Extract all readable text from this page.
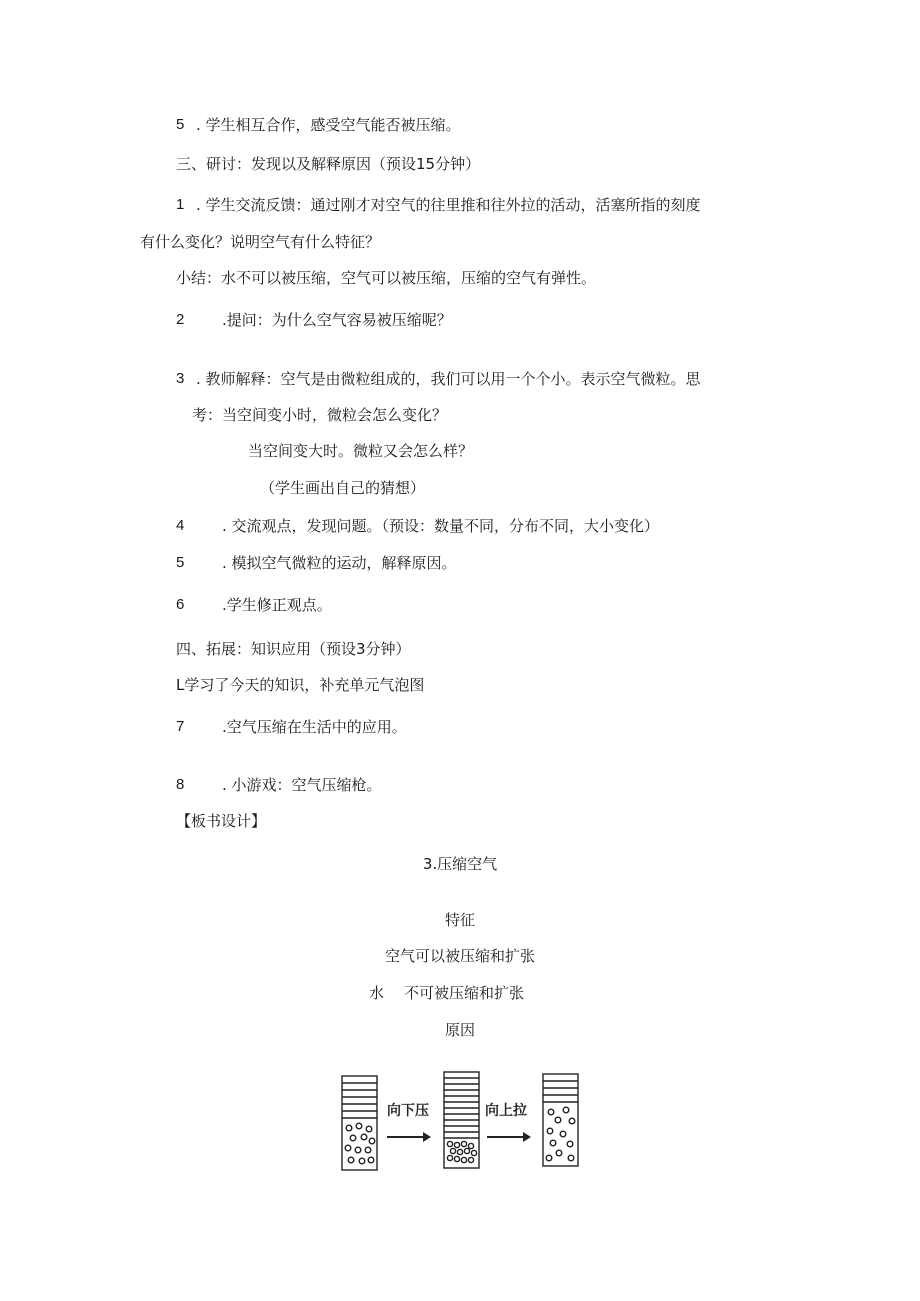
5 . 学生相互合作，感受空气能否被压缩。
三、研讨：发现以及解释原因（预设15分钟）
1 . 学生交流反馈：通过刚才对空气的往里推和往外拉的活动，活塞所指的刻度
有什么变化？说明空气有什么特征？
小结：水不可以被压缩，空气可以被压缩，压缩的空气有弹性。
2	.提问：为什么空气容易被压缩呢？
3 . 教师解释：空气是由微粒组成的，我们可以用一个个小。表示空气微粒。思
考：当空间变小时，微粒会怎么变化？
当空间变大时。微粒又会怎么样？
（学生画出自己的猜想）
4	. 交流观点，发现问题。（预设：数量不同，分布不同，大小变化）
5	. 模拟空气微粒的运动，解释原因。
6	.学生修正观点。
四、拓展：知识应用（预设3分钟）
L学习了今天的知识，补充单元气泡图
7	.空气压缩在生活中的应用。
8	. 小游戏：空气压缩枪。
【板书设计】
3.压缩空气
特征
空气可以被压缩和扩张
水 不可被压缩和扩张
原因
向下压	向上拉
